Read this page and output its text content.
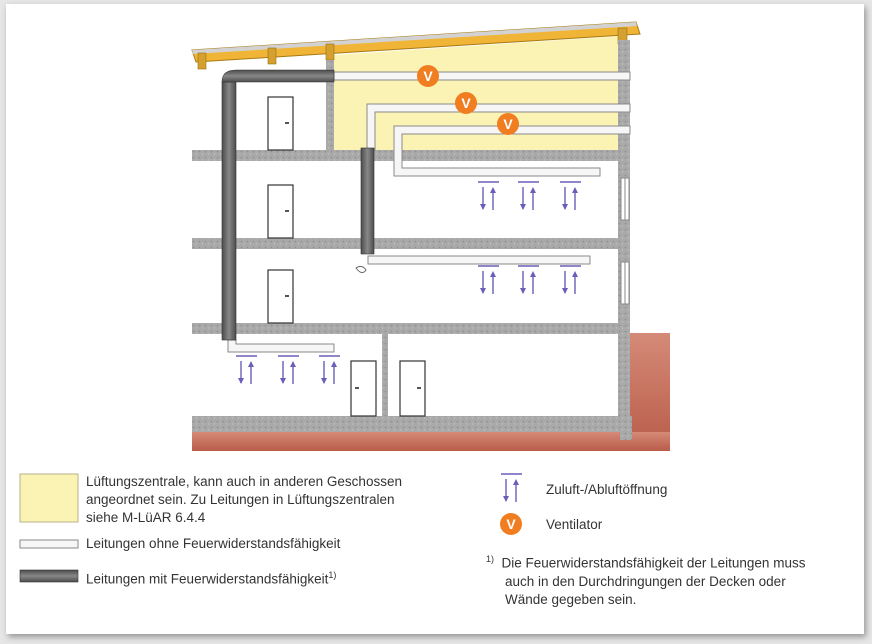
V
V
V
V
Lüftungszentrale, kann auch in anderen Geschossen
angeordnet sein. Zu Leitungen in Lüftungszentralen
siehe M-LüAR 6.4.4
Leitungen ohne Feuerwiderstandsfähigkeit
Leitungen mit Feuerwiderstandsfähigkeit$^{1)}$
Zuluft-/Abluftöffnung
Ventilator
$^{1)}$ Die Feuerwiderstandsfähigkeit der Leitungen muss
auch in den Durchdringungen der Decken oder
Wände gegeben sein.
